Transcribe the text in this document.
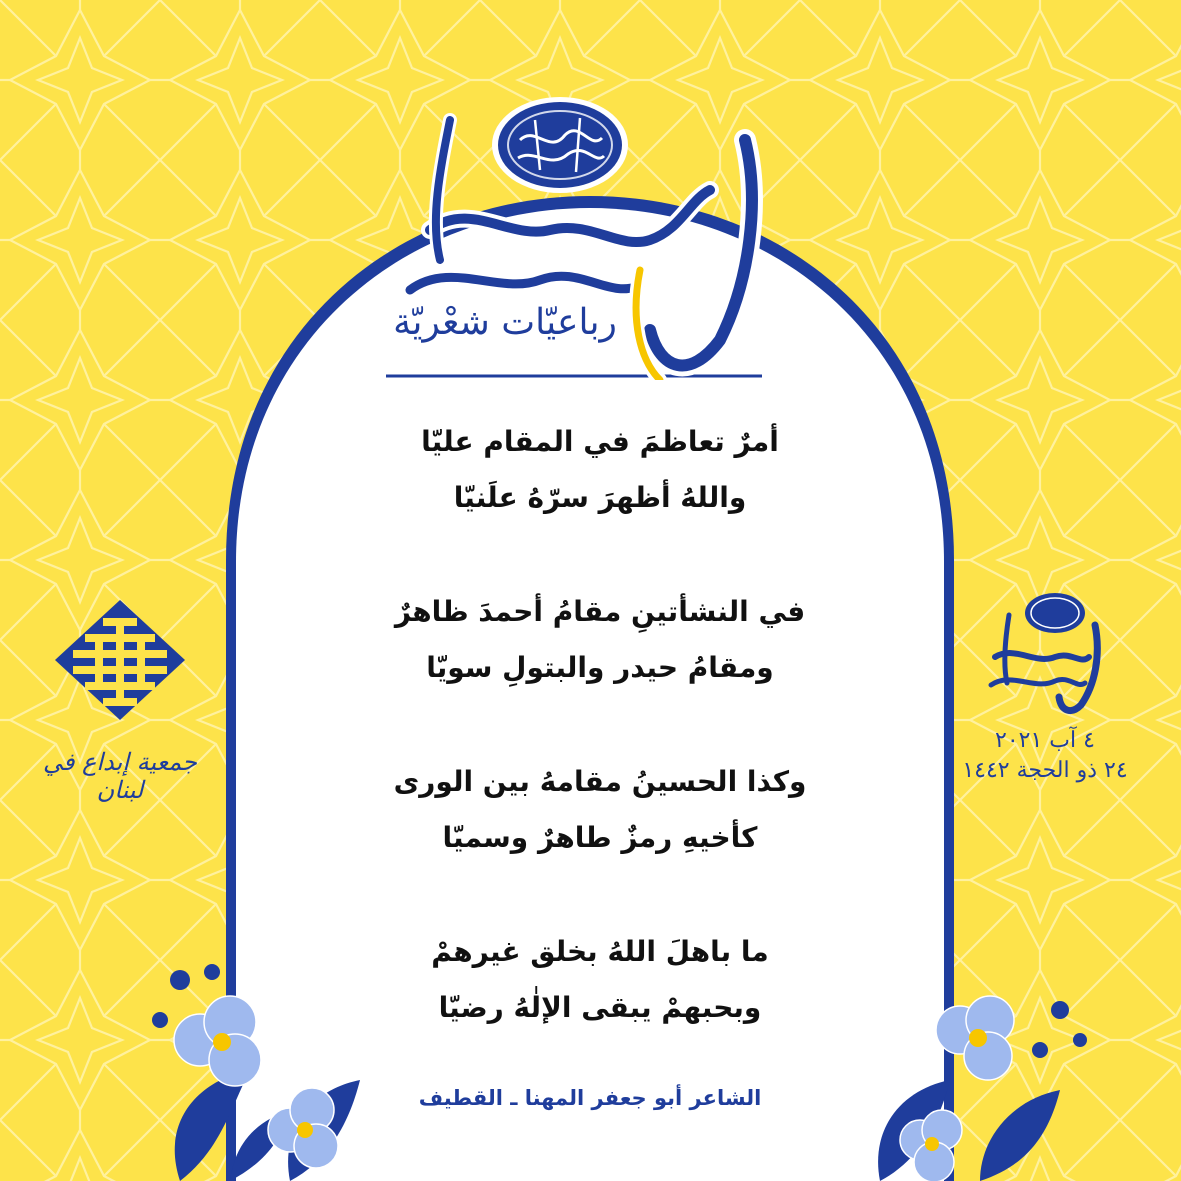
رباعيّات شعْريّة
أمرٌ تعاظمَ في المقام عليّا
واللهُ أظهرَ سرّهُ علَنيّا
في النشأتينِ مقامُ أحمدَ ظاهرٌ
ومقامُ حيدر والبتولِ سويّا
وكذا الحسينُ مقامهُ بين الورى
كأخيهِ رمزٌ طاهرٌ وسميّا
ما باهلَ اللهُ بخلق غيرهمْ
وبحبهمْ يبقى الإلٰهُ رضيّا
الشاعر أبو جعفر المهنا ـ القطيف
٤ آب ٢٠٢١
٢٤ ذو الحجة ١٤٤٢
جمعية إبداع في لبنان
